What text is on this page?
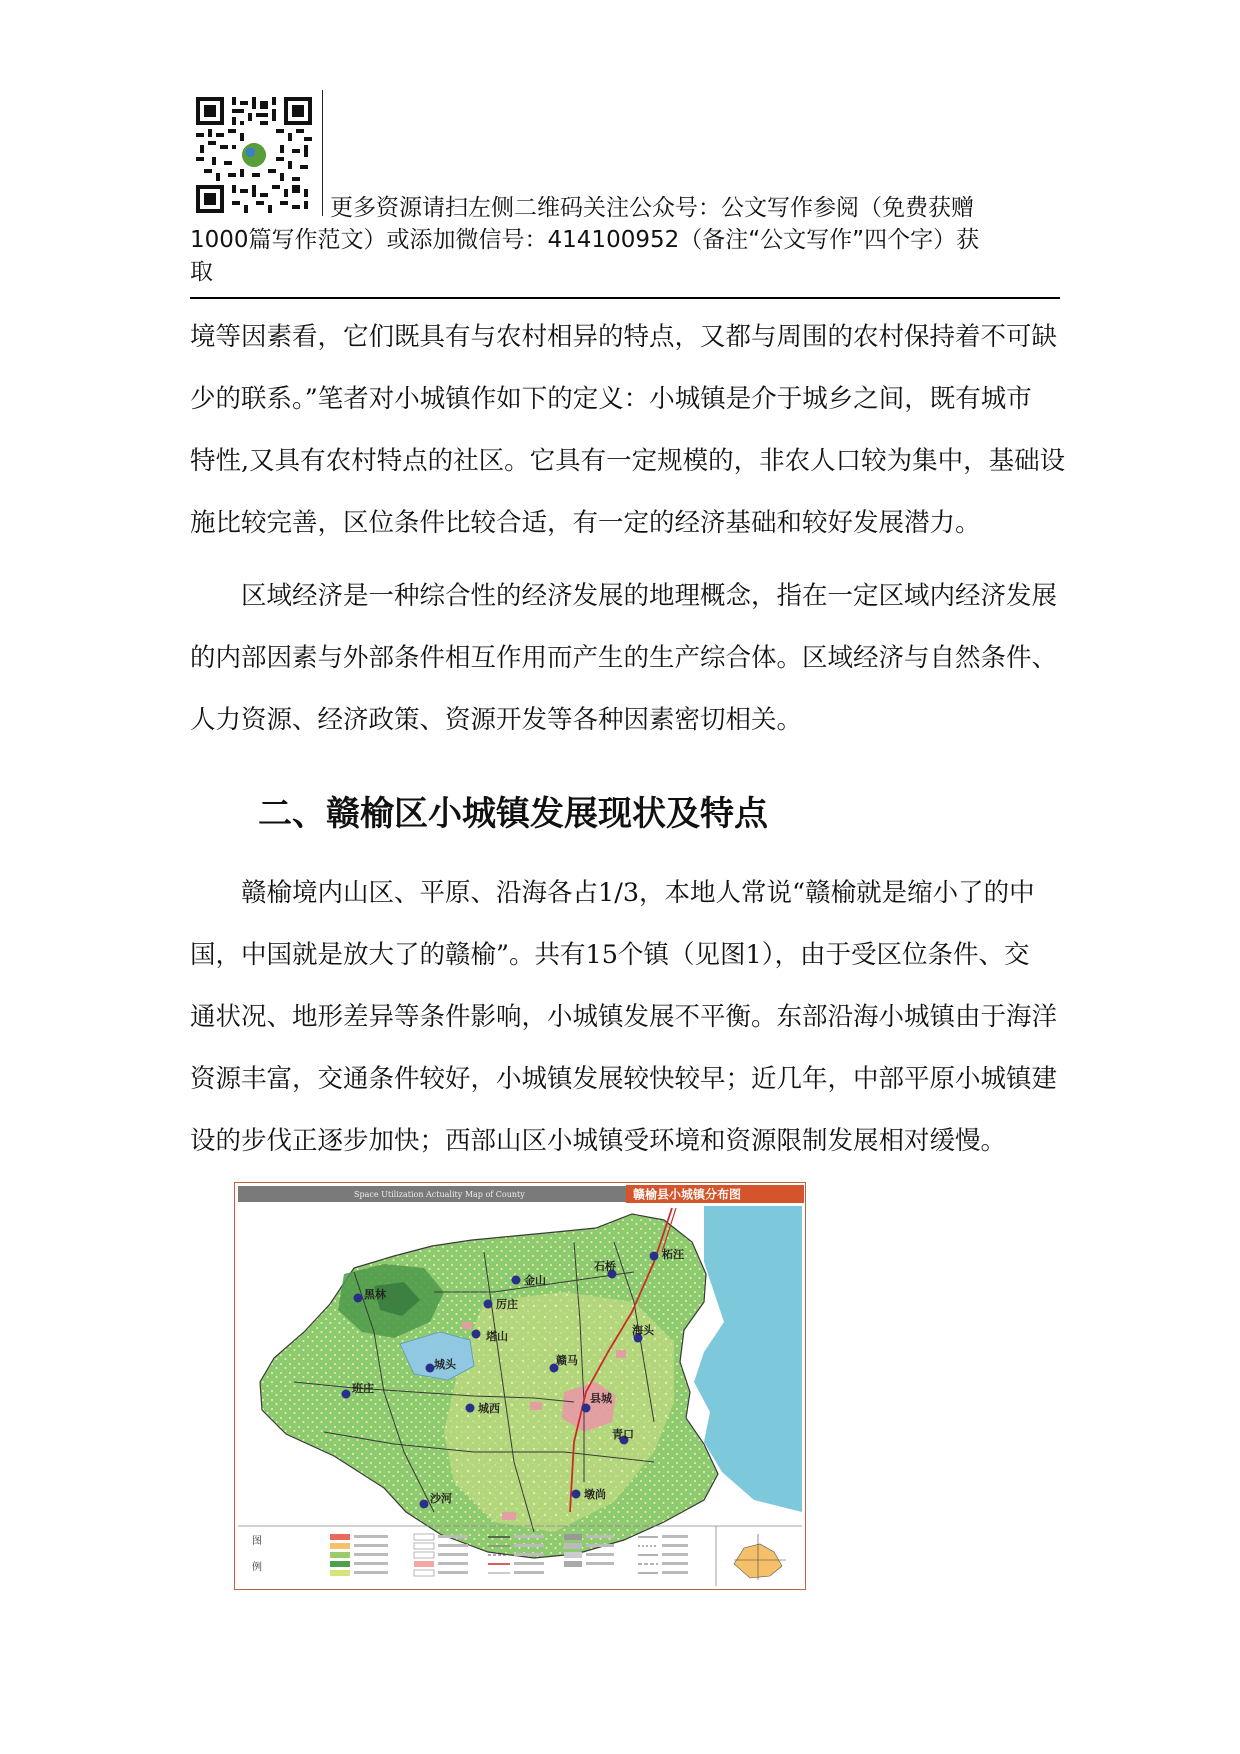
更多资源请扫左侧二维码关注公众号：公文写作参阅（免费获赠
1000篇写作范文）或添加微信号：414100952（备注“公文写作”四个字）获
取
境等因素看，它们既具有与农村相异的特点，又都与周围的农村保持着不可缺
少的联系。”笔者对小城镇作如下的定义：小城镇是介于城乡之间，既有城市
特性,又具有农村特点的社区。它具有一定规模的，非农人口较为集中，基础设
施比较完善，区位条件比较合适，有一定的经济基础和较好发展潜力。
区域经济是一种综合性的经济发展的地理概念，指在一定区域内经济发展
的内部因素与外部条件相互作用而产生的生产综合体。区域经济与自然条件、
人力资源、经济政策、资源开发等各种因素密切相关。
二、赣榆区小城镇发展现状及特点
赣榆境内山区、平原、沿海各占1/3，本地人常说“赣榆就是缩小了的中
国，中国就是放大了的赣榆”。共有15个镇（见图1），由于受区位条件、交
通状况、地形差异等条件影响，小城镇发展不平衡。东部沿海小城镇由于海洋
资源丰富，交通条件较好，小城镇发展较快较早；近几年，中部平原小城镇建
设的步伐正逐步加快；西部山区小城镇受环境和资源限制发展相对缓慢。
Space Utilization Actuality Map of County	赣榆县小城镇分布图
金山
石桥
柘汪
黑林
厉庄
塔山	海头
赣马
城头
班庄
城西
县城
青口
沙河	墩尚
图
例
